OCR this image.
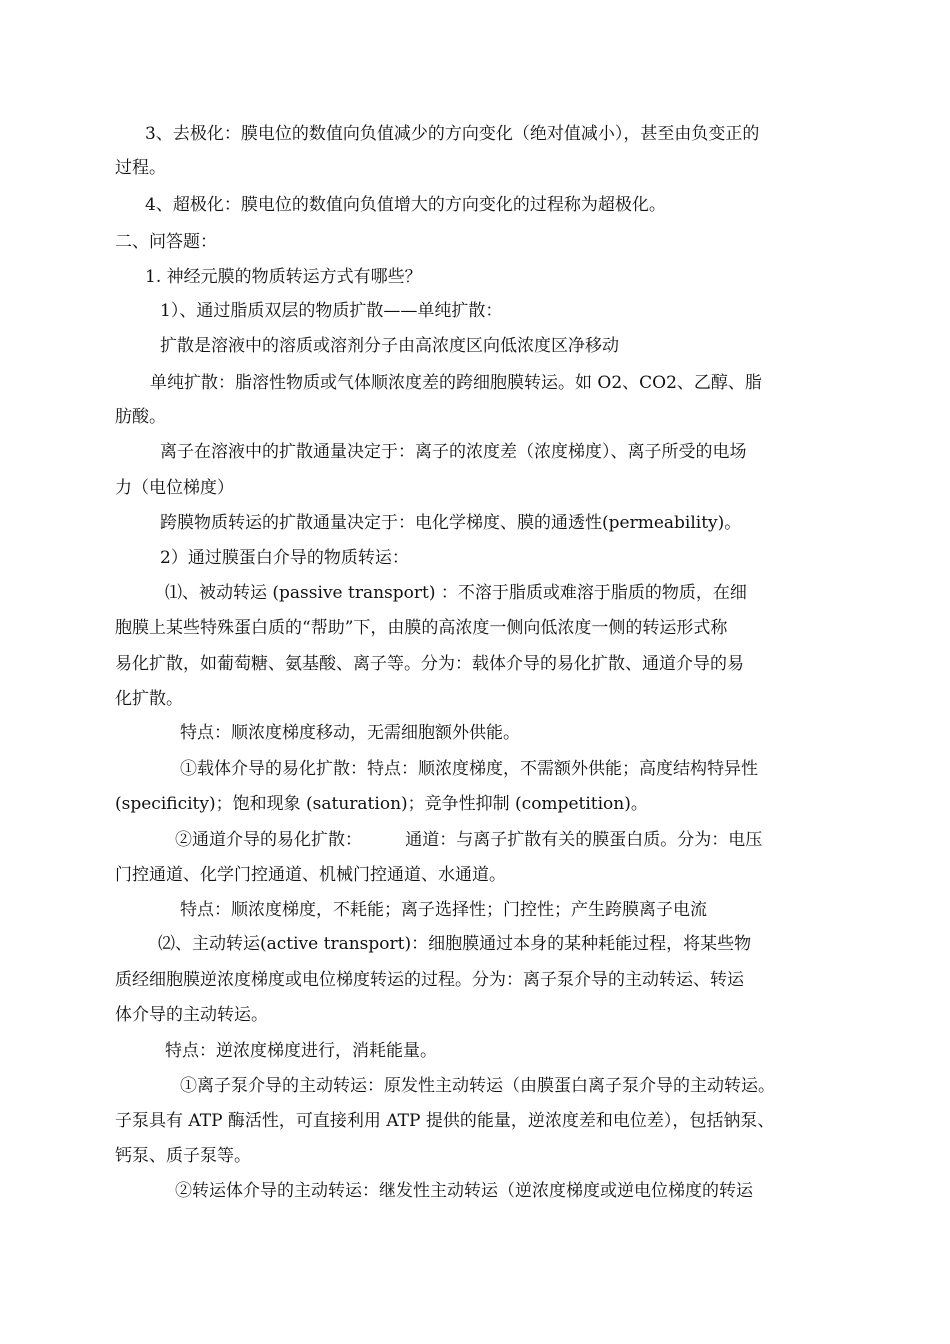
3、去极化：膜电位的数值向负值减少的方向变化（绝对值减小），甚至由负变正的
过程。
4、超极化：膜电位的数值向负值增大的方向变化的过程称为超极化。
二、问答题：
1. 神经元膜的物质转运方式有哪些？
1）、通过脂质双层的物质扩散——单纯扩散：
扩散是溶液中的溶质或溶剂分子由高浓度区向低浓度区净移动
单纯扩散：脂溶性物质或气体顺浓度差的跨细胞膜转运。如 O2、CO2、乙醇、脂
肪酸。
离子在溶液中的扩散通量决定于：离子的浓度差（浓度梯度）、离子所受的电场
力（电位梯度）
跨膜物质转运的扩散通量决定于：电化学梯度、膜的通透性(permeability)。
2）通过膜蛋白介导的物质转运：
⑴、被动转运 (passive transport) ：不溶于脂质或难溶于脂质的物质，在细
胞膜上某些特殊蛋白质的“帮助”下，由膜的高浓度一侧向低浓度一侧的转运形式称
易化扩散，如葡萄糖、氨基酸、离子等。分为：载体介导的易化扩散、通道介导的易
化扩散。
特点：顺浓度梯度移动，无需细胞额外供能。
①载体介导的易化扩散：特点：顺浓度梯度，不需额外供能；高度结构特异性
(specificity)；饱和现象 (saturation)；竞争性抑制 (competition)。
②通道介导的易化扩散：        通道：与离子扩散有关的膜蛋白质。分为：电压
门控通道、化学门控通道、机械门控通道、水通道。
特点：顺浓度梯度，不耗能；离子选择性；门控性；产生跨膜离子电流
⑵、主动转运(active transport)：细胞膜通过本身的某种耗能过程，将某些物
质经细胞膜逆浓度梯度或电位梯度转运的过程。分为：离子泵介导的主动转运、转运
体介导的主动转运。
特点：逆浓度梯度进行，消耗能量。
①离子泵介导的主动转运：原发性主动转运（由膜蛋白离子泵介导的主动转运。
子泵具有 ATP 酶活性，可直接利用 ATP 提供的能量，逆浓度差和电位差），包括钠泵、
钙泵、质子泵等。
②转运体介导的主动转运：继发性主动转运（逆浓度梯度或逆电位梯度的转运
